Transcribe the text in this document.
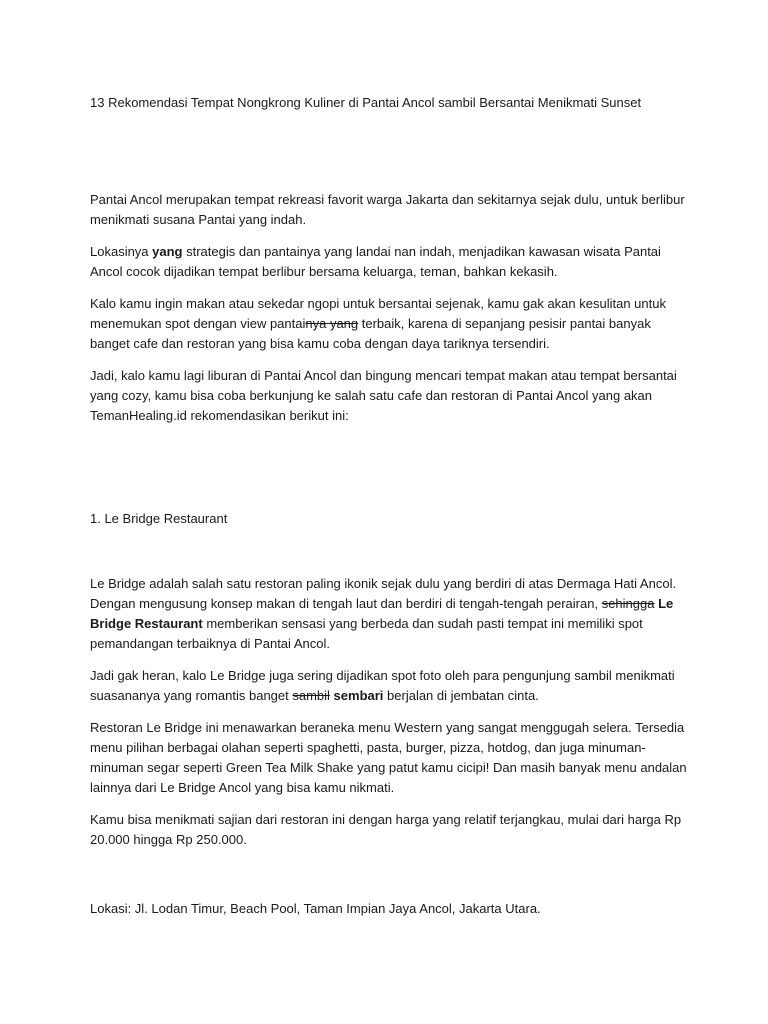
13 Rekomendasi Tempat Nongkrong Kuliner di Pantai Ancol sambil Bersantai Menikmati Sunset

Pantai Ancol merupakan tempat rekreasi favorit warga Jakarta dan sekitarnya sejak dulu, untuk berlibur menikmati susana Pantai yang indah.

Lokasinya yang strategis dan pantainya yang landai nan indah, menjadikan kawasan wisata Pantai Ancol cocok dijadikan tempat berlibur bersama keluarga, teman, bahkan kekasih.

Kalo kamu ingin makan atau sekedar ngopi untuk bersantai sejenak, kamu gak akan kesulitan untuk menemukan spot dengan view pantainya yang terbaik, karena di sepanjang pesisir pantai banyak banget cafe dan restoran yang bisa kamu coba dengan daya tariknya tersendiri.

Jadi, kalo kamu lagi liburan di Pantai Ancol dan bingung mencari tempat makan atau tempat bersantai yang cozy, kamu bisa coba berkunjung ke salah satu cafe dan restoran di Pantai Ancol yang akan TemanHealing.id rekomendasikan berikut ini:

1. Le Bridge Restaurant

Le Bridge adalah salah satu restoran paling ikonik sejak dulu yang berdiri di atas Dermaga Hati Ancol. Dengan mengusung konsep makan di tengah laut dan berdiri di tengah-tengah perairan, sehingga Le Bridge Restaurant memberikan sensasi yang berbeda dan sudah pasti tempat ini memiliki spot pemandangan terbaiknya di Pantai Ancol.

Jadi gak heran, kalo Le Bridge juga sering dijadikan spot foto oleh para pengunjung sambil menikmati suasananya yang romantis banget sambil sembari berjalan di jembatan cinta.

Restoran Le Bridge ini menawarkan beraneka menu Western yang sangat menggugah selera. Tersedia menu pilihan berbagai olahan seperti spaghetti, pasta, burger, pizza, hotdog, dan juga minuman-minuman segar seperti Green Tea Milk Shake yang patut kamu cicipi! Dan masih banyak menu andalan lainnya dari Le Bridge Ancol yang bisa kamu nikmati.

Kamu bisa menikmati sajian dari restoran ini dengan harga yang relatif terjangkau, mulai dari harga Rp 20.000 hingga Rp 250.000.

Lokasi: Jl. Lodan Timur, Beach Pool, Taman Impian Jaya Ancol, Jakarta Utara.
